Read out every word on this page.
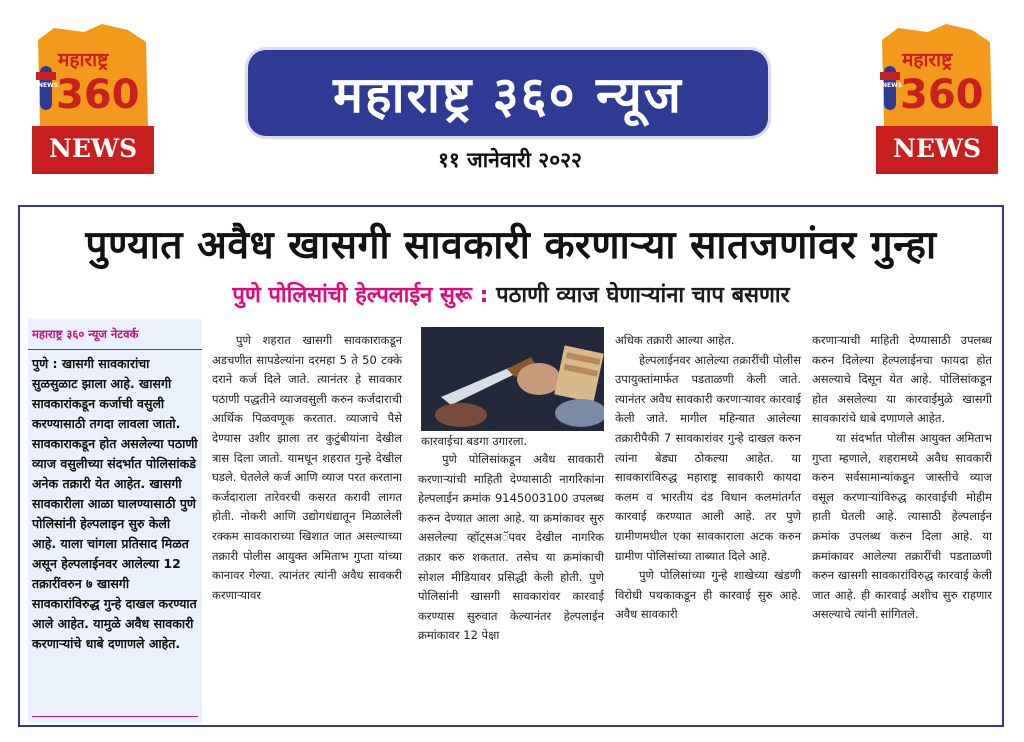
महाराष्ट्र
360
NEWS
NEWS
महाराष्ट्र
360
NEWS
NEWS
महाराष्ट्र ३६० न्यूज
११ जानेवारी २०२२
पुण्यात अवैध खासगी सावकारी करणाऱ्या सातजणांवर गुन्हा
पुणे पोलिसांची हेल्पलाईन सुरू : पठाणी व्याज घेणाऱ्यांना चाप बसणार
महाराष्ट्र ३६० न्यूज नेटवर्क
पुणे : खासगी सावकारांचा सुळसुळाट झाला आहे. खासगी सावकारांकडून कर्जाची वसुली करण्यासाठी तगदा लावला जातो. सावकाराकडून होत असलेल्या पठाणी व्याज वसुलीच्या संदर्भात पोलिसांकडे अनेक तक्रारी येत आहेत. खासगी सावकारीला आळा घालण्यासाठी पुणे पोलिसांनी हेल्पलाइन सुरु केली आहे. याला चांगला प्रतिसाद मिळत असून हेल्पलाईनवर आलेल्या 12 तक्रारींवरुन ७ खासगी सावकारांविरुद्ध गुन्हे दाखल करण्यात आले आहेत. यामुळे अवैध सावकारी करणाऱ्यांचे धाबे दणाणले आहेत.

पुणे शहरात खासगी सावकाराकडून अडचणीत सापडेल्यांना दरमहा 5 ते 50 टक्के दराने कर्ज दिले जाते. त्यानंतर हे सावकार पठाणी पद्धतीने व्याजवसुली करुन कर्जदाराची आर्थिक पिळवणूक करतात. व्याजाचे पैसे देण्यास उशीर झाला तर कुटुंबीयांना देखील त्रास दिला जातो. यामधून शहरात गुन्हे देखील घडले. घेतलेले कर्ज आणि व्याज परत करताना कर्जदाराला तारेवरची कसरत करावी लागत होती. नोकरी आणि उद्योगधंद्यातून मिळालेली रक्कम सावकाराच्या खिशात जात असल्याच्या तक्रारी पोलीस आयुक्त अमिताभ गुप्ता यांच्या कानावर गेल्या. त्यानंतर त्यांनी अवैध सावकरी करणाऱ्यावर

कारवाईचा बडगा उगारला.

पुणे पोलिसांकडून अवैध सावकारी करणाऱ्यांची माहिती देण्यासाठी नागरिकांना हेल्पलाईन क्रमांक 9145003100 उपलब्ध करुन देण्यात आला आहे. या क्रमांकावर सुरु असलेल्या व्हॉट्सअॅपवर देखील नागरिक तक्रार करु शकतात. तसेच या क्रमांकाची सोशल मीडियावर प्रसिद्धी केली होती. पुणे पोलिसांनी खासगी सावकारांवर कारवाई करण्यास सुरुवात केल्यानंतर हेल्पलाईन क्रमांकावर 12 पेक्षा

अधिक तक्रारी आल्या आहेत.

हेल्पलाईनवर आलेल्या तक्रारींची पोलीस उपायुक्तांमार्फत पडताळणी केली जाते. त्यानंतर अवैध सावकारी करणाऱ्यावर कारवाई केली जाते. मागील महिन्यात आलेल्या तक्रारीपैकी 7 सावकारांवर गुन्हे दाखल करुन त्यांना बेड्या ठोकल्या आहेत. या सावकारांविरुद्ध महाराष्ट्र सावकारी कायदा कलम व भारतीय दंड विधान कलमांतर्गत कारवाई करण्यात आली आहे. तर पुणे ग्रामीणमधील एका सावकाराला अटक करुन ग्रामीण पोलिसांच्या ताब्यात दिले आहे.

पुणे पोलिसांच्या गुन्हे शाखेच्या खंडणी विरोधी पथकाकडून ही कारवाई सुरु आहे. अवैध सावकारी

करणाऱ्याची माहिती देण्यासाठी उपलब्ध करुन दिलेल्या हेल्पलाईनचा फायदा होत असल्याचे दिसून येत आहे. पोलिसांकडून होत असलेल्या या कारवाईमुळे खासगी सावकारांचे धाबे दणाणले आहेत.

या संदर्भात पोलीस आयुक्त अमिताभ गुप्ता म्हणाले, शहरामध्ये अवैध सावकारी करुन सर्वसामान्यांकडून जास्तीचे व्याज वसूल करणाऱ्यांविरुद्ध कारवाईची मोहीम हाती घेतली आहे. त्यासाठी हेल्पलाईन क्रमांक उपलब्ध करुन दिला आहे. या क्रमांकावर आलेल्या तक्रारींची पडताळणी करुन खासगी सावकारांविरुद्ध कारवाई केली जात आहे. ही कारवाई अशीच सुरु राहणार असल्याचे त्यांनी सांगितले.
